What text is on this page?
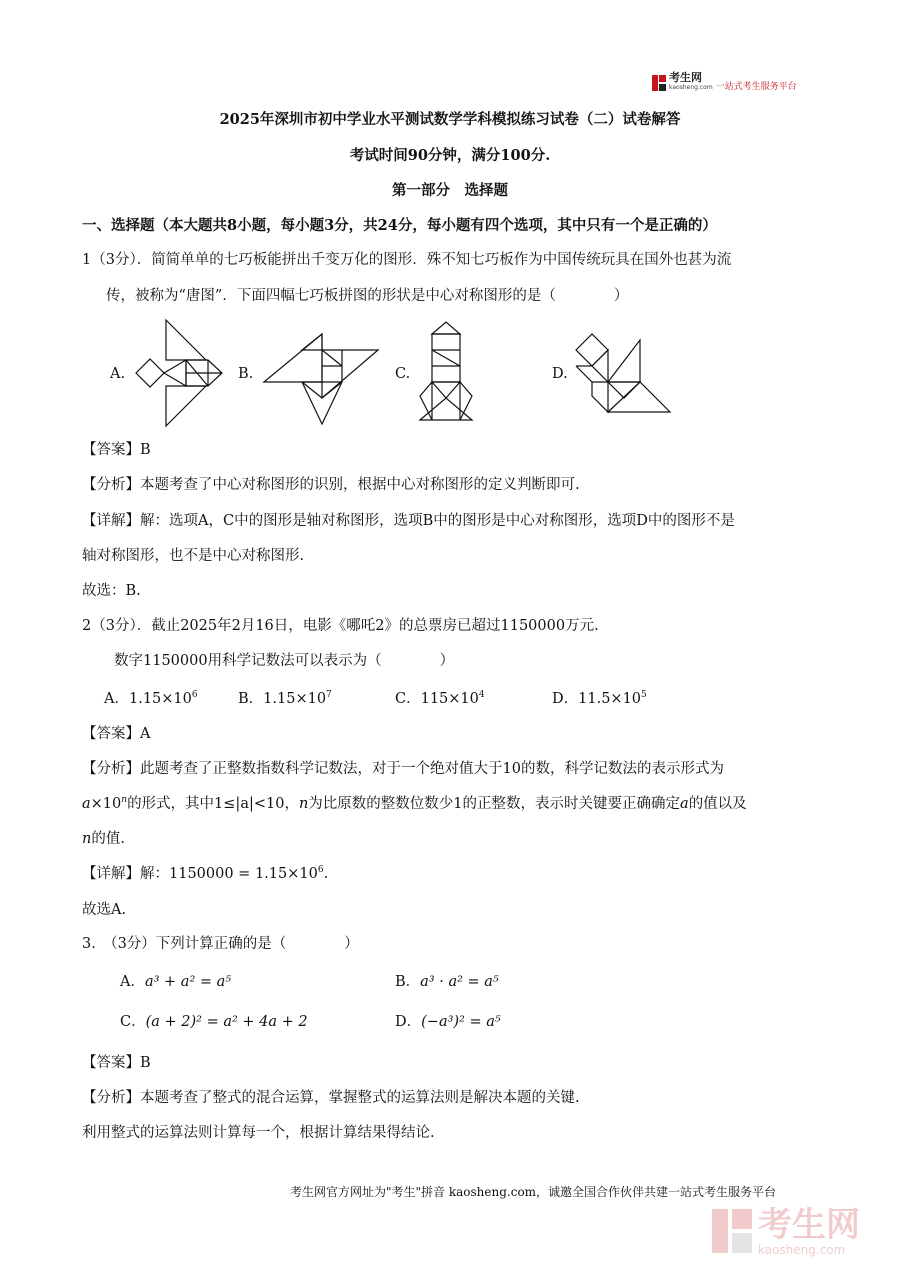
考生网
kaosheng.com 一站式考生服务平台
2025年深圳市初中学业水平测试数学学科模拟练习试卷（二）试卷解答
考试时间90分钟，满分100分.
第一部分　选择题
一、选择题（本大题共8小题，每小题3分，共24分，每小题有四个选项，其中只有一个是正确的）
1（3分）．简简单单的七巧板能拼出千变万化的图形．殊不知七巧板作为中国传统玩具在国外也甚为流
传，被称为“唐图”．下面四幅七巧板拼图的形状是中心对称图形的是（　　　　）
A.	B.	C.	D.
【答案】B
【分析】本题考查了中心对称图形的识别，根据中心对称图形的定义判断即可.
【详解】解：选项A，C中的图形是轴对称图形，选项B中的图形是中心对称图形，选项D中的图形不是
轴对称图形，也不是中心对称图形.
故选：B.
2（3分）．截止2025年2月16日，电影《哪吒2》的总票房已超过1150000万元.
数字1150000用科学记数法可以表示为（　　　　）
A．$1.15\times 10^6$	B．$1.15\times 10^7$	C．$115\times 10^4$	D．$11.5\times 10^5$
【答案】A
【分析】此题考查了正整数指数科学记数法，对于一个绝对值大于10的数，科学记数法的表示形式为
$a\times 10^n$的形式，其中1≤|a|<10，n为比原数的整数位数少1的正整数，表示时关键要正确确定a的值以及
n的值.
【详解】解：$1150000 = 1.15\times 10^6$.
故选A.
3.　（3分）下列计算正确的是（　　　　）
A．a³ + a² = a⁵	B．a³ · a² = a⁵
C．(a + 2)² = a² + 4a + 2	D．(−a³)² = a⁵
【答案】B
【分析】本题考查了整式的混合运算，掌握整式的运算法则是解决本题的关键.
利用整式的运算法则计算每一个，根据计算结果得结论.
考生网官方网址为"考生"拼音 kaosheng.com，诚邀全国合作伙伴共建一站式考生服务平台
考生网
kaosheng.com
